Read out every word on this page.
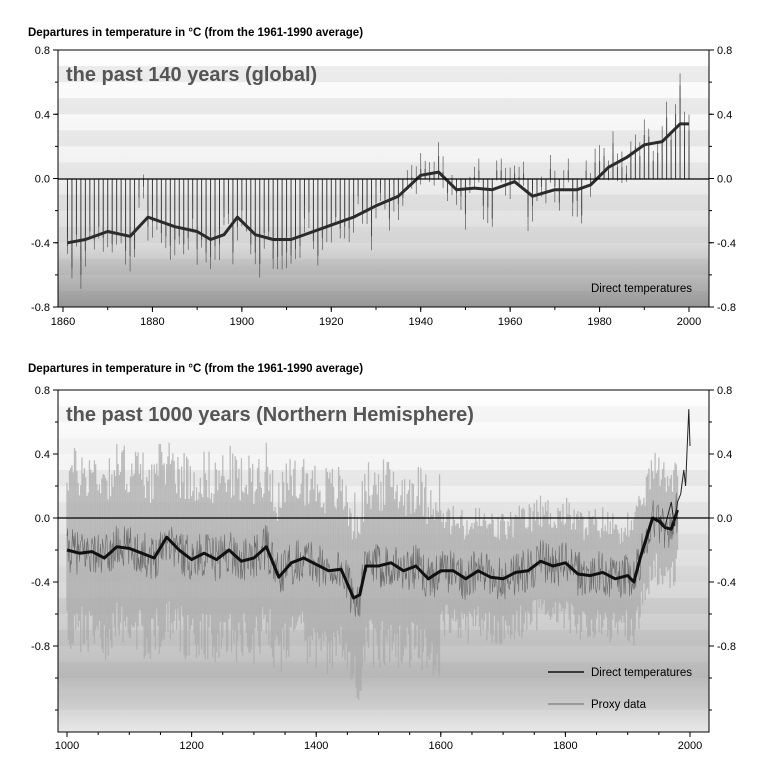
Departures in temperature in °C (from the 1961-1990 average)
1860	1880	1900	1920	1940	1960	1980	2000
0.8	0.8
0.4	0.4
0.0	0.0
-0.4	-0.4
-0.8	-0.8
the past 140 years (global)
Direct temperatures
Departures in temperature in °C (from the 1961-1990 average)
1000	1200	1400	1600	1800	2000
0.8	0.8
0.4	0.4
0.0	0.0
-0.4	-0.4
-0.8	-0.8
the past 1000 years (Northern Hemisphere)
Direct temperatures
Proxy data
